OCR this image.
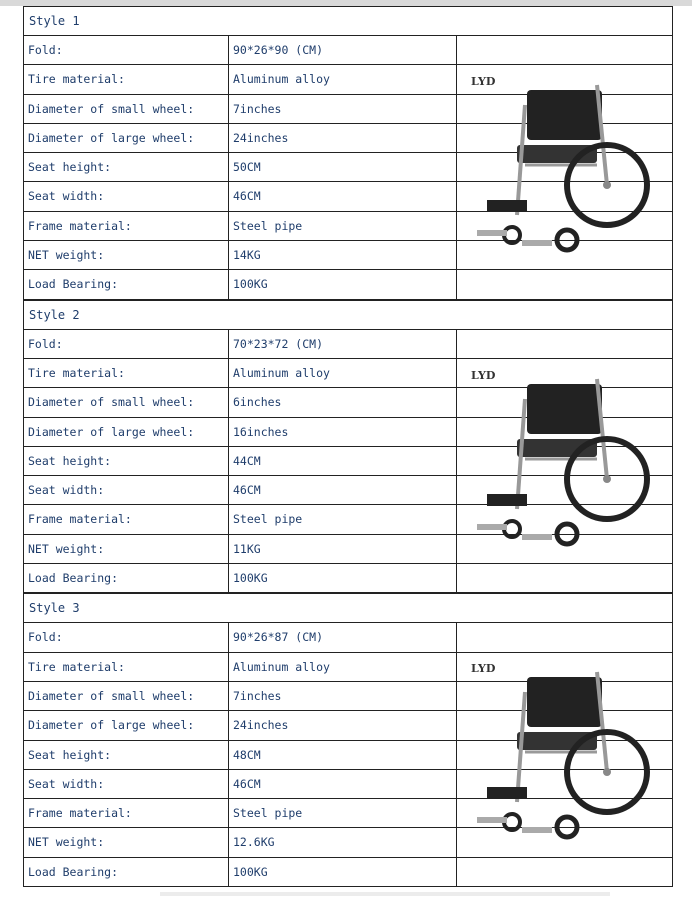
Style 1
Fold:	90*26*90 (CM)
Tire material:	Aluminum alloy
Diameter of small wheel:	7inches
Diameter of large wheel:	24inches
Seat height:	50CM
Seat width:	46CM
Frame material:	Steel pipe
NET weight:	14KG
Load Bearing:	100KG
LYD
Style 2
Fold:	70*23*72 (CM)
Tire material:	Aluminum alloy
Diameter of small wheel:	6inches
Diameter of large wheel:	16inches
Seat height:	44CM
Seat width:	46CM
Frame material:	Steel pipe
NET weight:	11KG
Load Bearing:	100KG
LYD
Style 3
Fold:	90*26*87 (CM)
Tire material:	Aluminum alloy
Diameter of small wheel:	7inches
Diameter of large wheel:	24inches
Seat height:	48CM
Seat width:	46CM
Frame material:	Steel pipe
NET weight:	12.6KG
Load Bearing:	100KG
LYD
